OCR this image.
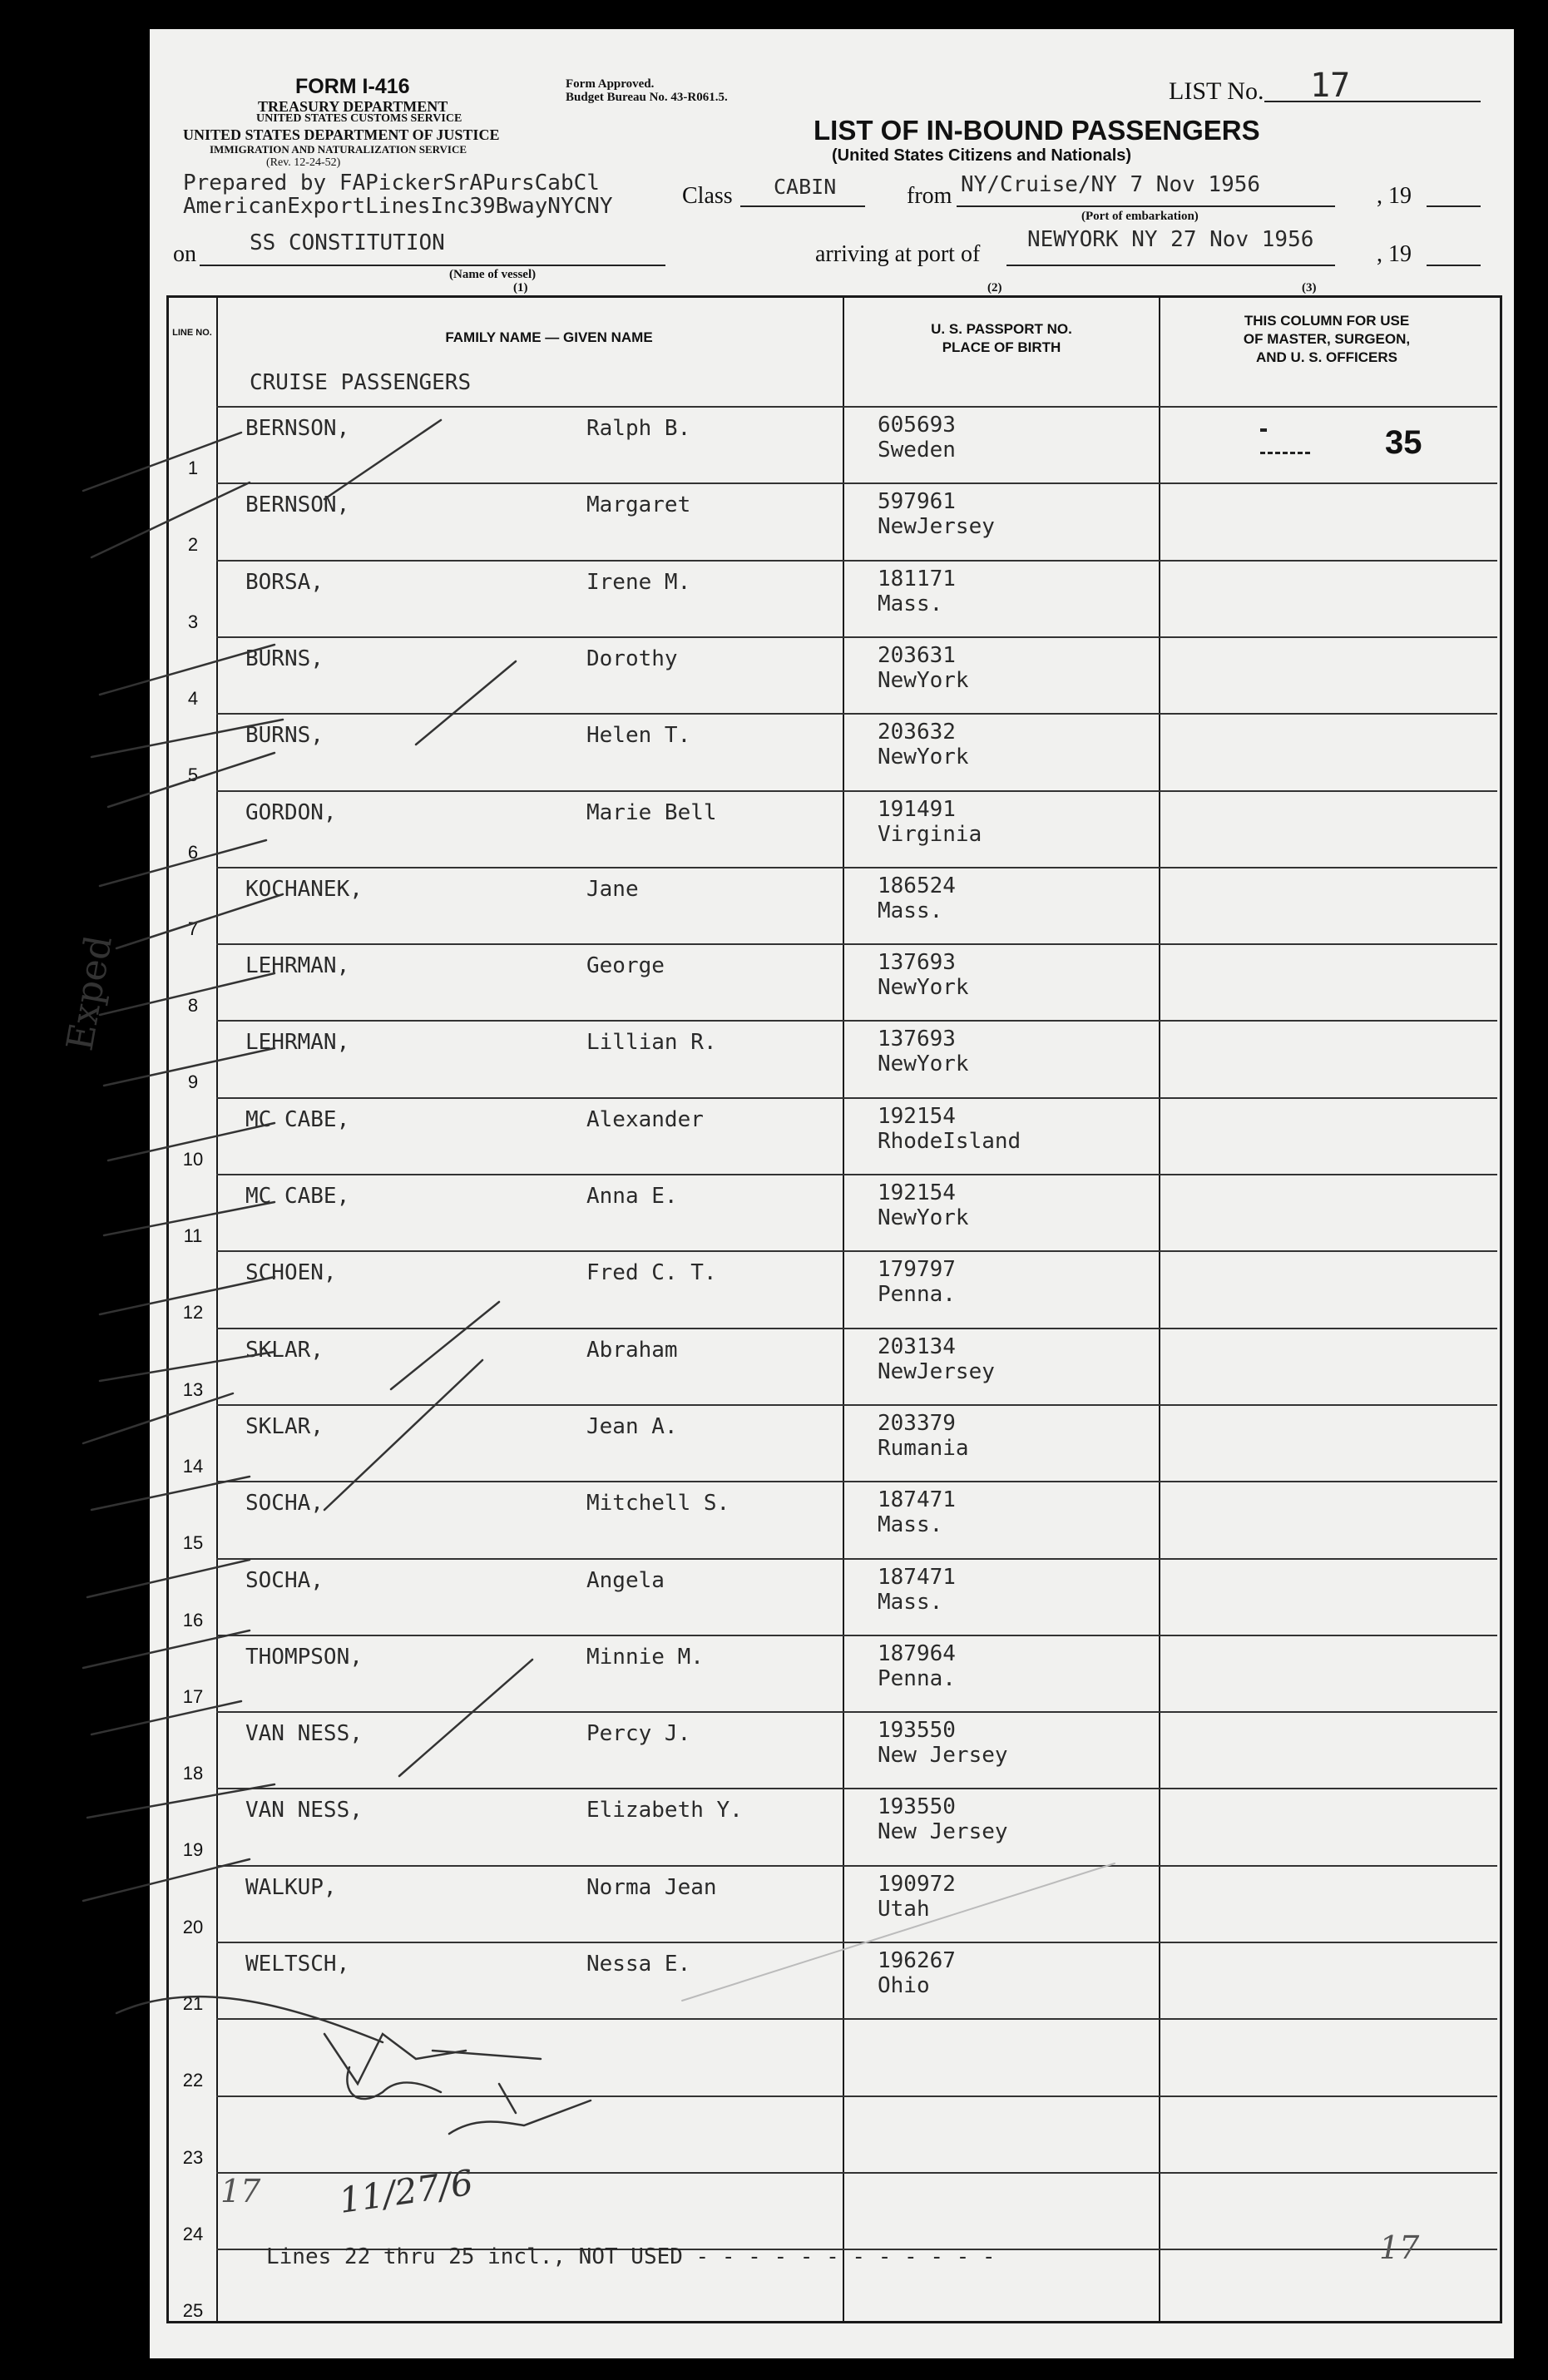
FORM I-416
TREASURY DEPARTMENT
UNITED STATES CUSTOMS SERVICE
UNITED STATES DEPARTMENT OF JUSTICE
IMMIGRATION AND NATURALIZATION SERVICE
(Rev. 12-24-52)
Form Approved.
Budget Bureau No. 43-R061.5.	LIST No. 17
LIST OF IN-BOUND PASSENGERS
(United States Citizens and Nationals)
Prepared by FAPickerSrAPursCabCl
AmericanExportLinesInc39BwayNYCNY	Class CABIN	from NY/Cruise/NY 7 Nov 1956	, 19
(Port of embarkation)
on SS CONSTITUTION
(Name of vessel)
arriving at port of
NEWYORK NY 27 Nov 1956
, 19
(1)	(2)	(3)
LINE NO.	FAMILY NAME — GIVEN NAME
U. S. PASSPORT NO.
PLACE OF BIRTH
THIS COLUMN FOR USE
OF MASTER, SURGEON,
AND U. S. OFFICERS
CRUISE PASSENGERS
35
1
BERNSON,	Ralph B.	605693
Sweden
2
BERNSON,	Margaret	597961
NewJersey
3
BORSA,	Irene M.	181171
Mass.
4
BURNS,	Dorothy	203631
NewYork
5
BURNS,	Helen T.	203632
NewYork
6
GORDON,	Marie Bell	191491
Virginia
7
KOCHANEK,	Jane	186524
Mass.
8
LEHRMAN,	George	137693
NewYork
9
LEHRMAN,	Lillian R.	137693
NewYork
10
MC CABE,	Alexander	192154
RhodeIsland
11
MC CABE,	Anna E.	192154
NewYork
12
SCHOEN,	Fred C. T.	179797
Penna.
13
SKLAR,	Abraham	203134
NewJersey
14
SKLAR,	Jean A.	203379
Rumania
15
SOCHA,	Mitchell S.	187471
Mass.
16
SOCHA,	Angela	187471
Mass.
17
THOMPSON,	Minnie M.	187964
Penna.
18
VAN NESS,	Percy J.	193550
New Jersey
19
VAN NESS,	Elizabeth Y.	193550
New Jersey
20
WALKUP,	Norma Jean	190972
Utah
21
WELTSCH,	Nessa E.	196267
Ohio
22
23
24
25
Lines 22 thru 25 incl., NOT USED - - - - - - - - - - - -
Exped
11/27/6
17
17
